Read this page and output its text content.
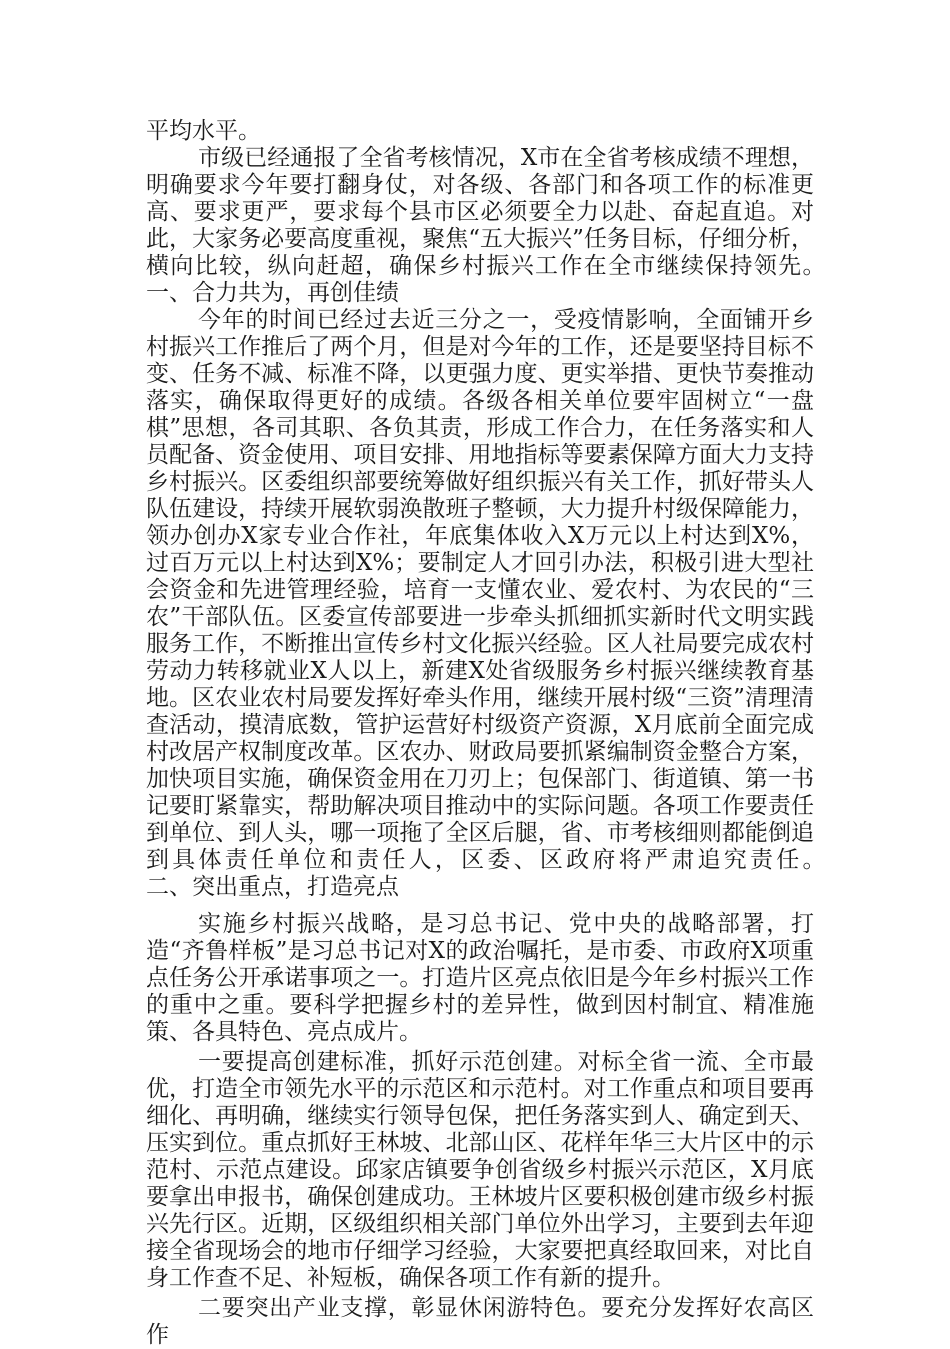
平均水平。

市级已经通报了全省考核情况，X市在全省考核成绩不理想，明确要求今年要打翻身仗，对各级、各部门和各项工作的标准更高、要求更严，要求每个县市区必须要全力以赴、奋起直追。对此，大家务必要高度重视，聚焦“五大振兴”任务目标，仔细分析，横向比较，纵向赶超，确保乡村振兴工作在全市继续保持领先。　　一、合力共为，再创佳绩

今年的时间已经过去近三分之一，受疫情影响，全面铺开乡村振兴工作推后了两个月，但是对今年的工作，还是要坚持目标不变、任务不减、标准不降，以更强力度、更实举措、更快节奏推动落实，确保取得更好的成绩。各级各相关单位要牢固树立“一盘棋”思想，各司其职、各负其责，形成工作合力，在任务落实和人员配备、资金使用、项目安排、用地指标等要素保障方面大力支持乡村振兴。区委组织部要统筹做好组织振兴有关工作，抓好带头人队伍建设，持续开展软弱涣散班子整顿，大力提升村级保障能力，领办创办X家专业合作社，年底集体收入X万元以上村达到X%，过百万元以上村达到X%；要制定人才回引办法，积极引进大型社会资金和先进管理经验，培育一支懂农业、爱农村、为农民的“三农”干部队伍。区委宣传部要进一步牵头抓细抓实新时代文明实践服务工作，不断推出宣传乡村文化振兴经验。区人社局要完成农村劳动力转移就业X人以上，新建X处省级服务乡村振兴继续教育基地。区农业农村局要发挥好牵头作用，继续开展村级“三资”清理清查活动，摸清底数，管护运营好村级资产资源，X月底前全面完成村改居产权制度改革。区农办、财政局要抓紧编制资金整合方案，加快项目实施，确保资金用在刀刃上；包保部门、街道镇、第一书记要盯紧靠实，帮助解决项目推动中的实际问题。各项工作要责任到单位、到人头，哪一项拖了全区后腿，省、市考核细则都能倒追到具体责任单位和责任人，区委、区政府将严肃追究责任。　　二、突出重点，打造亮点

实施乡村振兴战略，是习总书记、党中央的战略部署，打造“齐鲁样板”是习总书记对X的政治嘱托，是市委、市政府X项重点任务公开承诺事项之一。打造片区亮点依旧是今年乡村振兴工作的重中之重。要科学把握乡村的差异性，做到因村制宜、精准施策、各具特色、亮点成片。

一要提高创建标准，抓好示范创建。对标全省一流、全市最优，打造全市领先水平的示范区和示范村。对工作重点和项目要再细化、再明确，继续实行领导包保，把任务落实到人、确定到天、压实到位。重点抓好王林坡、北部山区、花样年华三大片区中的示范村、示范点建设。邱家店镇要争创省级乡村振兴示范区，X月底要拿出申报书，确保创建成功。王林坡片区要积极创建市级乡村振兴先行区。近期，区级组织相关部门单位外出学习，主要到去年迎接全省现场会的地市仔细学习经验，大家要把真经取回来，对比自身工作查不足、补短板，确保各项工作有新的提升。

二要突出产业支撑，彰显休闲游特色。要充分发挥好农高区作
